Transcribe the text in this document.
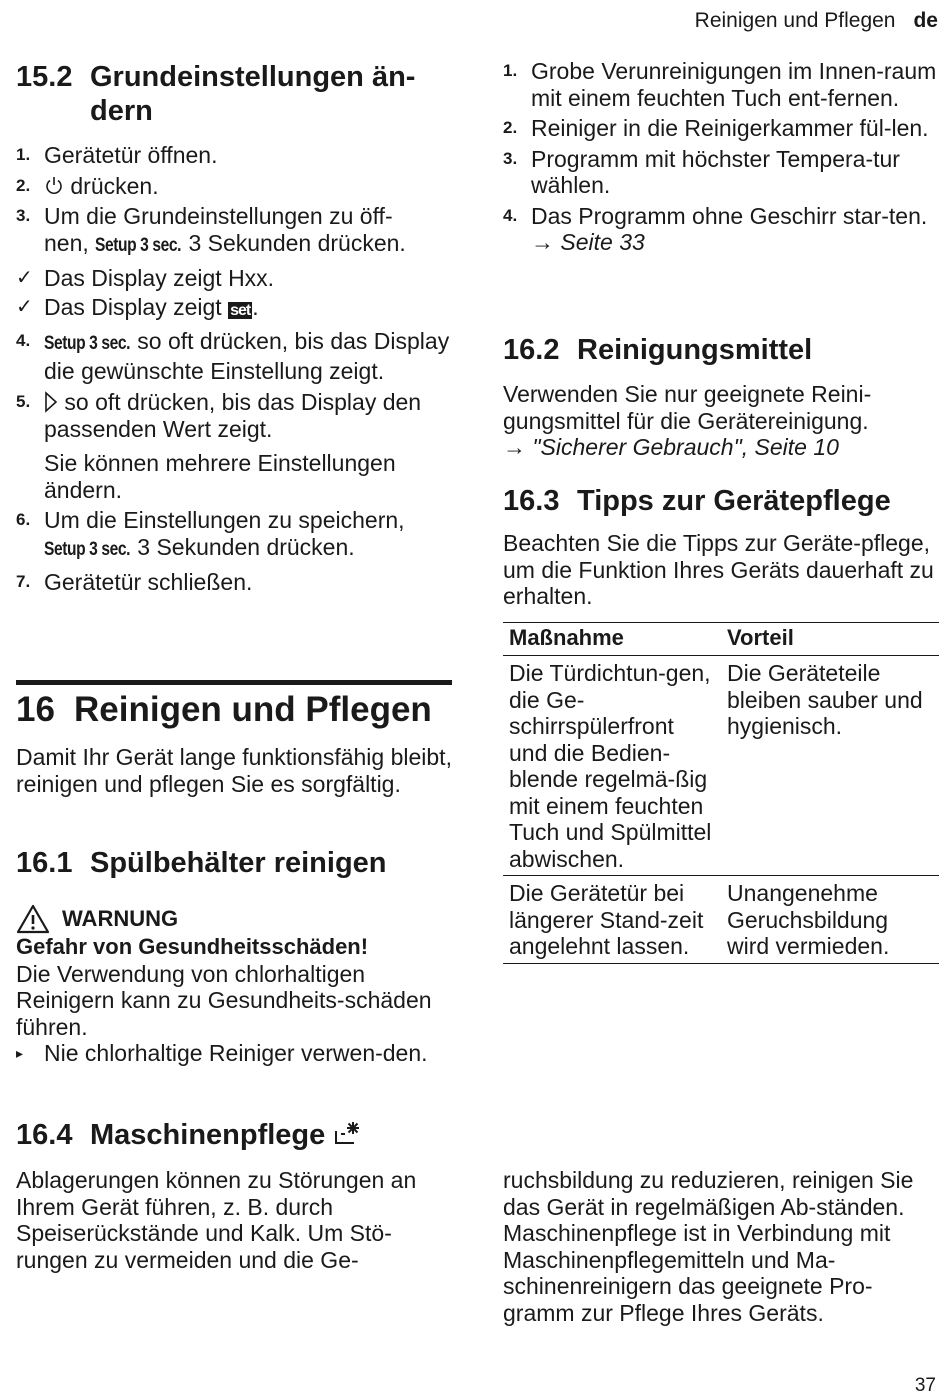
Reinigen und Pflegen de
15.2 Grundeinstellungen än-
dern
1. Gerätetür öffnen.
2.	drücken.
3. Um die Grundeinstellungen zu öff-
nen, Setup 3 sec. 3 Sekunden drücken.
✓ Das Display zeigt Hxx.
✓ Das Display zeigt set.
4. Setup 3 sec. so oft drücken, bis das Display die gewünschte Einstellung zeigt.
5.	so oft drücken, bis das Display den passenden Wert zeigt.

Sie können mehrere Einstellungen ändern.

6. Um die Einstellungen zu speichern,
Setup 3 sec. 3 Sekunden drücken.
7. Gerätetür schließen.
16 Reinigen und Pflegen

Damit Ihr Gerät lange funktionsfähig bleibt, reinigen und pflegen Sie es sorgfältig.

16.1 Spülbehälter reinigen
WARNUNG

Gefahr von Gesundheitsschäden!

Die Verwendung von chlorhaltigen Reinigern kann zu Gesundheits-schäden führen.

▸ Nie chlorhaltige Reiniger verwen-den.
16.4 Maschinenpflege

Ablagerungen können zu Störungen an Ihrem Gerät führen, z. B. durch Speiserückstände und Kalk. Um Stö-rungen zu vermeiden und die Ge-

1. Grobe Verunreinigungen im Innen-raum mit einem feuchten Tuch ent-fernen.
2. Reiniger in die Reinigerkammer fül-len.
3. Programm mit höchster Tempera-tur wählen.
4. Das Programm ohne Geschirr star-ten. → Seite 33
16.2 Reinigungsmittel

Verwenden Sie nur geeignete Reini-gungsmittel für die Gerätereinigung.

→ "Sicherer Gebrauch", Seite 10

16.3 Tipps zur Gerätepflege

Beachten Sie die Tipps zur Geräte-pflege, um die Funktion Ihres Geräts dauerhaft zu erhalten.

Maßnahme	Vorteil
Die Türdichtun-gen, die Ge-schirrspülerfront und die Bedien-blende regelmä-ßig mit einem feuchten Tuch und Spülmittel abwischen.	Die Geräteteile bleiben sauber und hygienisch.
Die Gerätetür bei längerer Stand-zeit angelehnt lassen.	Unangenehme Geruchsbildung wird vermieden.

ruchsbildung zu reduzieren, reinigen Sie das Gerät in regelmäßigen Ab-ständen.

Maschinenpflege ist in Verbindung mit Maschinenpflegemitteln und Ma-schinenreinigern das geeignete Pro-gramm zur Pflege Ihres Geräts.

37
